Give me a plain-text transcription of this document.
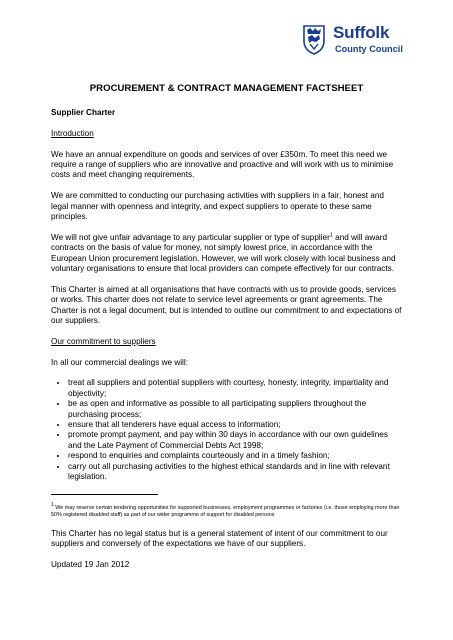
Suffolk
County Council
PROCUREMENT & CONTRACT MANAGEMENT FACTSHEET

Supplier Charter

Introduction

We have an annual expenditure on goods and services of over £350m. To meet this need we require a range of suppliers who are innovative and proactive and will work with us to minimise costs and meet changing requirements.

We are committed to conducting our purchasing activities with suppliers in a fair, honest and legal manner with openness and integrity, and expect suppliers to operate to these same principles.

We will not give unfair advantage to any particular supplier or type of supplier$^1$ and will award contracts on the basis of value for money, not simply lowest price, in accordance with the European Union procurement legislation. However, we will work closely with local business and voluntary organisations to ensure that local providers can compete effectively for our contracts.

This Charter is aimed at all organisations that have contracts with us to provide goods, services or works. This charter does not relate to service level agreements or grant agreements. The Charter is not a legal document, but is intended to outline our commitment to and expectations of our suppliers.

Our commitment to suppliers

In all our commercial dealings we will:

• treat all suppliers and potential suppliers with courtesy, honesty, integrity, impartiality and objectivity;
• be as open and informative as possible to all participating suppliers throughout the purchasing process;
• ensure that all tenderers have equal access to information;
• promote prompt payment, and pay within 30 days in accordance with our own guidelines and the Late Payment of Commercial Debts Act 1998;
• respond to enquiries and complaints courteously and in a timely fashion;
• carry out all purchasing activities to the highest ethical standards and in line with relevant legislation.

$^1$ We may reserve certain tendering opportunities for supported businesses, employment programmes or factories (i.e. those employing more than 50% registered disabled staff) as part of our wider programme of support for disabled persons

This Charter has no legal status but is a general statement of intent of our commitment to our suppliers and conversely of the expectations we have of our suppliers.

Updated 19 Jan 2012
